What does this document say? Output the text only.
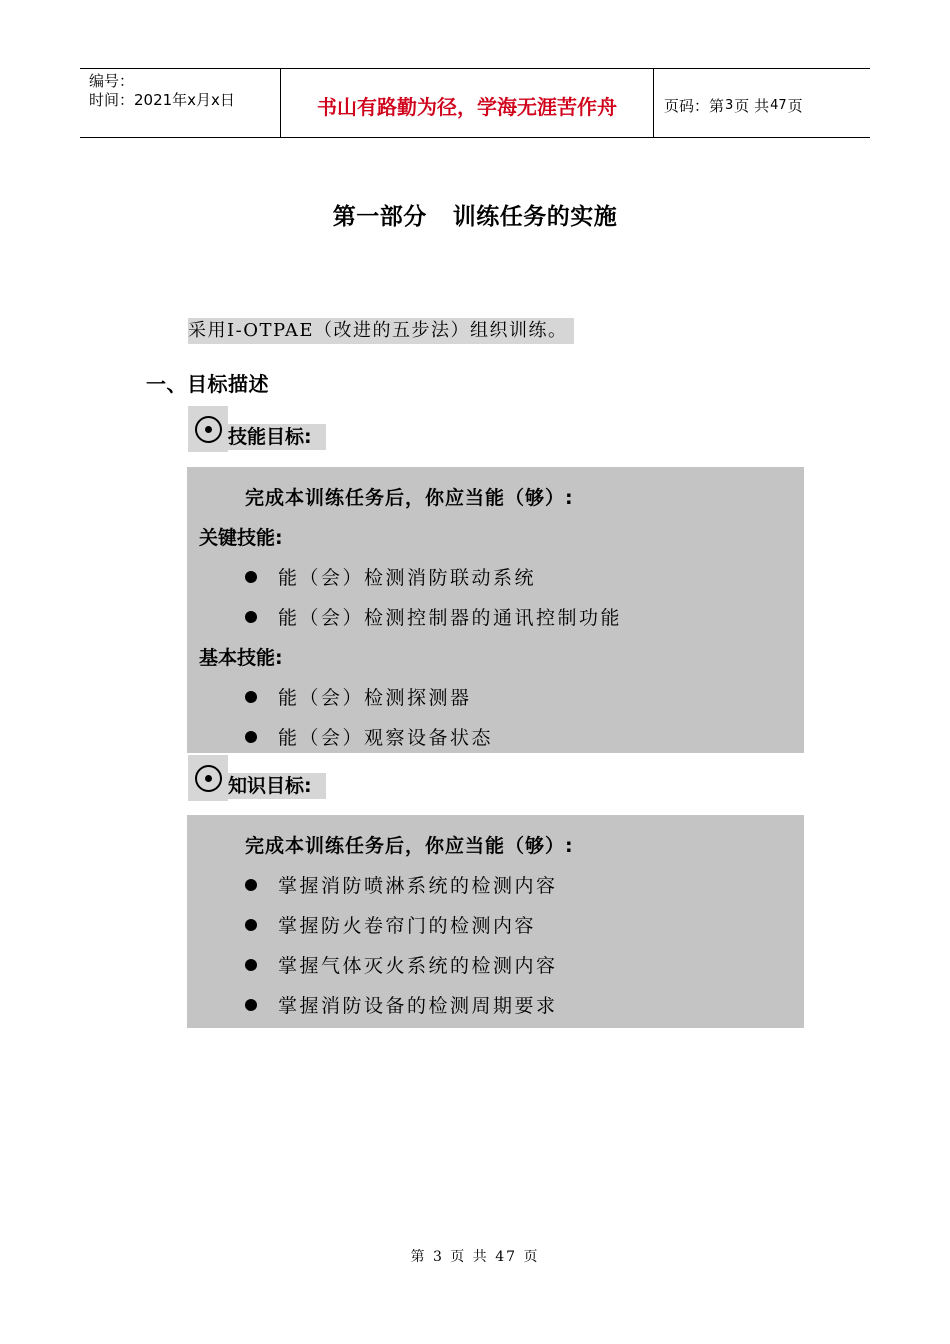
编号：
时间：2021年x月x日	书山有路勤为径，学海无涯苦作舟	页码：第 3 页 共 47 页
第一部分 训练任务的实施
采用I-OTPAE（改进的五步法）组织训练。
一、目标描述
技能目标:
完成本训练任务后，你应当能（够）:
关键技能:
能（会）检测消防联动系统
能（会）检测控制器的通讯控制功能
基本技能:
能（会）检测探测器
能（会）观察设备状态
知识目标:
完成本训练任务后，你应当能（够）:
掌握消防喷淋系统的检测内容
掌握防火卷帘门的检测内容
掌握气体灭火系统的检测内容
掌握消防设备的检测周期要求
第 3 页 共 47 页
